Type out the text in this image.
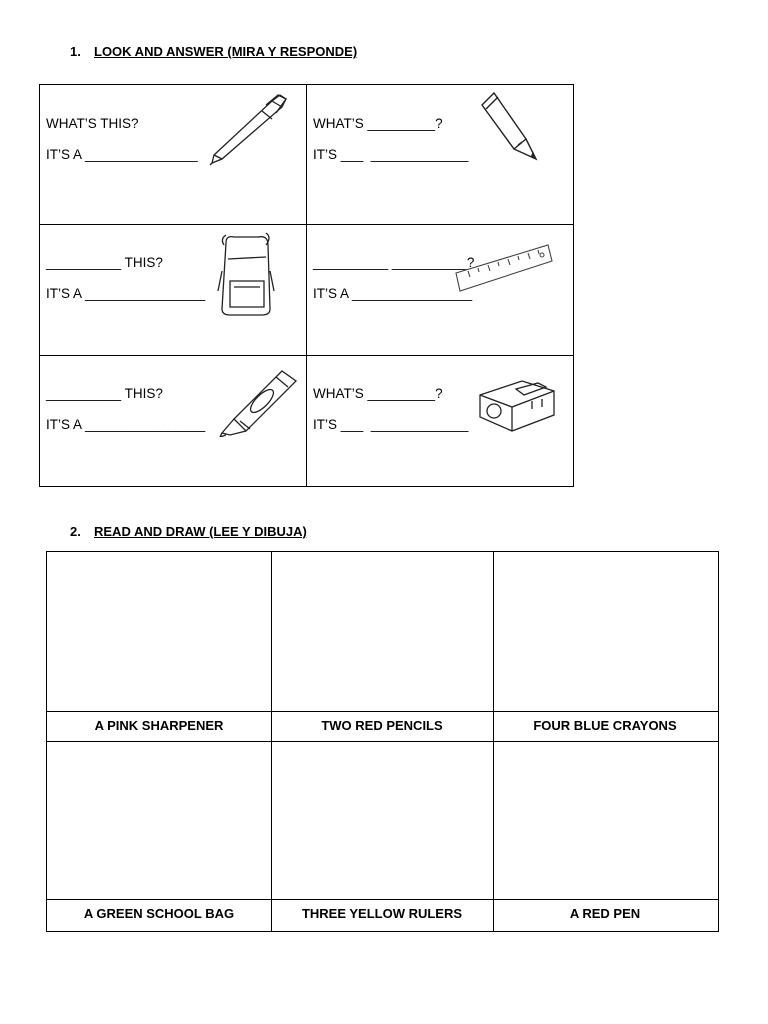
1. LOOK AND ANSWER (MIRA Y RESPONDE)
WHAT’S THIS?
IT’S A _______________
WHAT’S _________?
IT’S ___  _____________
__________ THIS?
IT’S A ________________
__________ __________?
IT’S A ________________
__________ THIS?
IT’S A ________________
WHAT’S _________?
IT’S ___  _____________
2. READ AND DRAW (LEE Y DIBUJA)
A PINK SHARPENER	TWO RED PENCILS	FOUR BLUE CRAYONS
A GREEN SCHOOL BAG	THREE YELLOW RULERS	A RED PEN
